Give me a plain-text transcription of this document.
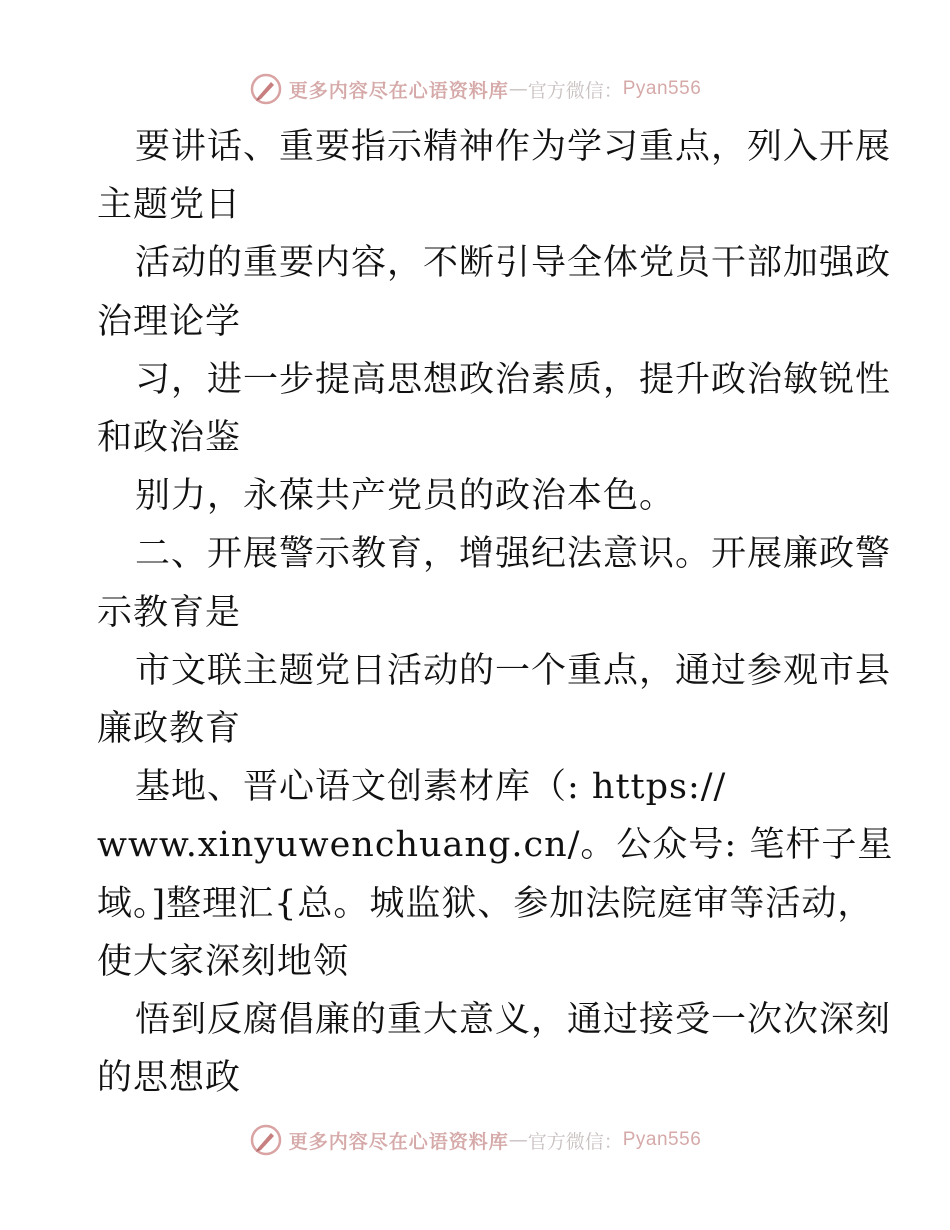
更多内容尽在心语资料库 — 官方微信： Pyan556
要讲话、重要指示精神作为学习重点，列入开展
主题党日
活动的重要内容，不断引导全体党员干部加强政
治理论学
习，进一步提高思想政治素质，提升政治敏锐性
和政治鉴
别力，永葆共产党员的政治本色。
二、开展警示教育，增强纪法意识。开展廉政警
示教育是
市文联主题党日活动的一个重点，通过参观市县
廉政教育
基地、晋心语文创素材库（: https://
www.xinyuwenchuang.cn/。公众号: 笔杆子星
域。]整理汇{总。城监狱、参加法院庭审等活动，
使大家深刻地领
悟到反腐倡廉的重大意义，通过接受一次次深刻
的思想政
更多内容尽在心语资料库 — 官方微信： Pyan556
